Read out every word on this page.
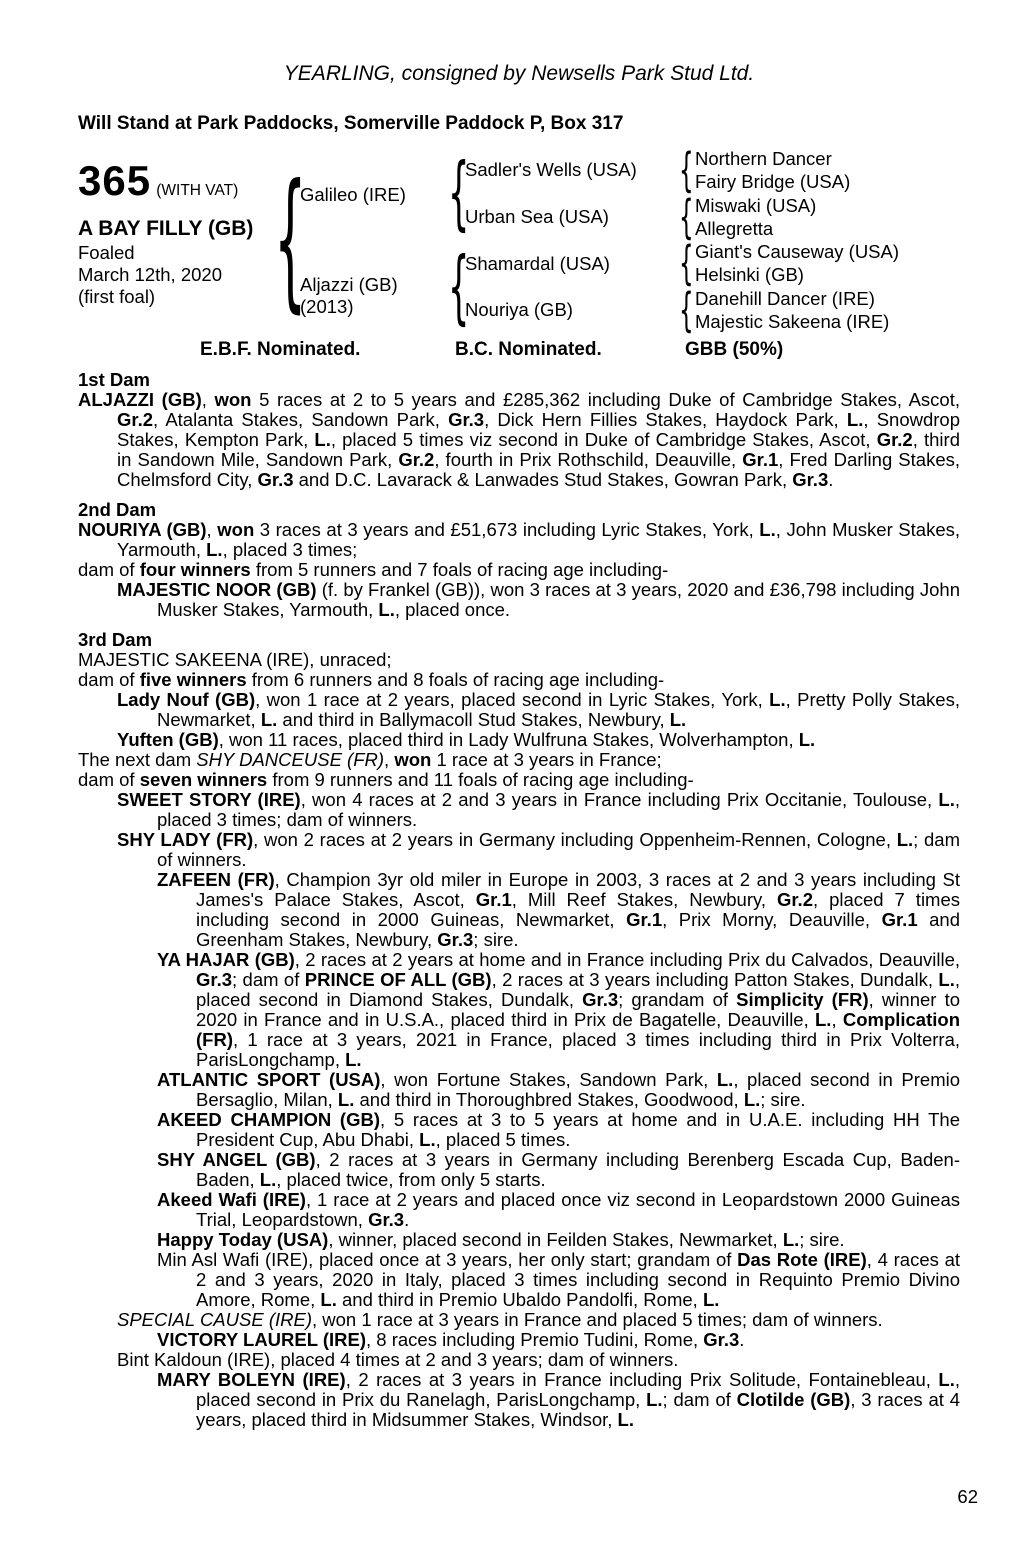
YEARLING, consigned by Newsells Park Stud Ltd.
Will Stand at Park Paddocks, Somerville Paddock P, Box 317
365 (WITH VAT)
A BAY FILLY (GB)
Foaled
March 12th, 2020
(first foal)
{
Galileo (IRE)
Aljazzi (GB)
(2013)
{
{
Sadler's Wells (USA)
Urban Sea (USA)
Shamardal (USA)
Nouriya (GB)
{
{
{
{
Northern Dancer
Fairy Bridge (USA)
Miswaki (USA)
Allegretta
Giant's Causeway (USA)
Helsinki (GB)
Danehill Dancer (IRE)
Majestic Sakeena (IRE)
E.B.F. Nominated.	B.C. Nominated.	GBB (50%)
1st Dam

ALJAZZI (GB), won 5 races at 2 to 5 years and £285,362 including Duke of Cambridge Stakes, Ascot, Gr.2, Atalanta Stakes, Sandown Park, Gr.3, Dick Hern Fillies Stakes, Haydock Park, L., Snowdrop Stakes, Kempton Park, L., placed 5 times viz second in Duke of Cambridge Stakes, Ascot, Gr.2, third in Sandown Mile, Sandown Park, Gr.2, fourth in Prix Rothschild, Deauville, Gr.1, Fred Darling Stakes, Chelmsford City, Gr.3 and D.C. Lavarack & Lanwades Stud Stakes, Gowran Park, Gr.3.

2nd Dam

NOURIYA (GB), won 3 races at 3 years and £51,673 including Lyric Stakes, York, L., John Musker Stakes, Yarmouth, L., placed 3 times;

dam of four winners from 5 runners and 7 foals of racing age including-

MAJESTIC NOOR (GB) (f. by Frankel (GB)), won 3 races at 3 years, 2020 and £36,798 including John Musker Stakes, Yarmouth, L., placed once.

3rd Dam

MAJESTIC SAKEENA (IRE), unraced;

dam of five winners from 6 runners and 8 foals of racing age including-

Lady Nouf (GB), won 1 race at 2 years, placed second in Lyric Stakes, York, L., Pretty Polly Stakes, Newmarket, L. and third in Ballymacoll Stud Stakes, Newbury, L.

Yuften (GB), won 11 races, placed third in Lady Wulfruna Stakes, Wolverhampton, L.

The next dam SHY DANCEUSE (FR), won 1 race at 3 years in France;

dam of seven winners from 9 runners and 11 foals of racing age including-

SWEET STORY (IRE), won 4 races at 2 and 3 years in France including Prix Occitanie, Toulouse, L., placed 3 times; dam of winners.

SHY LADY (FR), won 2 races at 2 years in Germany including Oppenheim-Rennen, Cologne, L.; dam of winners.

ZAFEEN (FR), Champion 3yr old miler in Europe in 2003, 3 races at 2 and 3 years including St James's Palace Stakes, Ascot, Gr.1, Mill Reef Stakes, Newbury, Gr.2, placed 7 times including second in 2000 Guineas, Newmarket, Gr.1, Prix Morny, Deauville, Gr.1 and Greenham Stakes, Newbury, Gr.3; sire.

YA HAJAR (GB), 2 races at 2 years at home and in France including Prix du Calvados, Deauville, Gr.3; dam of PRINCE OF ALL (GB), 2 races at 3 years including Patton Stakes, Dundalk, L., placed second in Diamond Stakes, Dundalk, Gr.3; grandam of Simplicity (FR), winner to 2020 in France and in U.S.A., placed third in Prix de Bagatelle, Deauville, L., Complication (FR), 1 race at 3 years, 2021 in France, placed 3 times including third in Prix Volterra, ParisLongchamp, L.

ATLANTIC SPORT (USA), won Fortune Stakes, Sandown Park, L., placed second in Premio Bersaglio, Milan, L. and third in Thoroughbred Stakes, Goodwood, L.; sire.

AKEED CHAMPION (GB), 5 races at 3 to 5 years at home and in U.A.E. including HH The President Cup, Abu Dhabi, L., placed 5 times.

SHY ANGEL (GB), 2 races at 3 years in Germany including Berenberg Escada Cup, Baden-Baden, L., placed twice, from only 5 starts.

Akeed Wafi (IRE), 1 race at 2 years and placed once viz second in Leopardstown 2000 Guineas Trial, Leopardstown, Gr.3.

Happy Today (USA), winner, placed second in Feilden Stakes, Newmarket, L.; sire.

Min Asl Wafi (IRE), placed once at 3 years, her only start; grandam of Das Rote (IRE), 4 races at 2 and 3 years, 2020 in Italy, placed 3 times including second in Requinto Premio Divino Amore, Rome, L. and third in Premio Ubaldo Pandolfi, Rome, L.

SPECIAL CAUSE (IRE), won 1 race at 3 years in France and placed 5 times; dam of winners.

VICTORY LAUREL (IRE), 8 races including Premio Tudini, Rome, Gr.3.

Bint Kaldoun (IRE), placed 4 times at 2 and 3 years; dam of winners.

MARY BOLEYN (IRE), 2 races at 3 years in France including Prix Solitude, Fontainebleau, L., placed second in Prix du Ranelagh, ParisLongchamp, L.; dam of Clotilde (GB), 3 races at 4 years, placed third in Midsummer Stakes, Windsor, L.

62
